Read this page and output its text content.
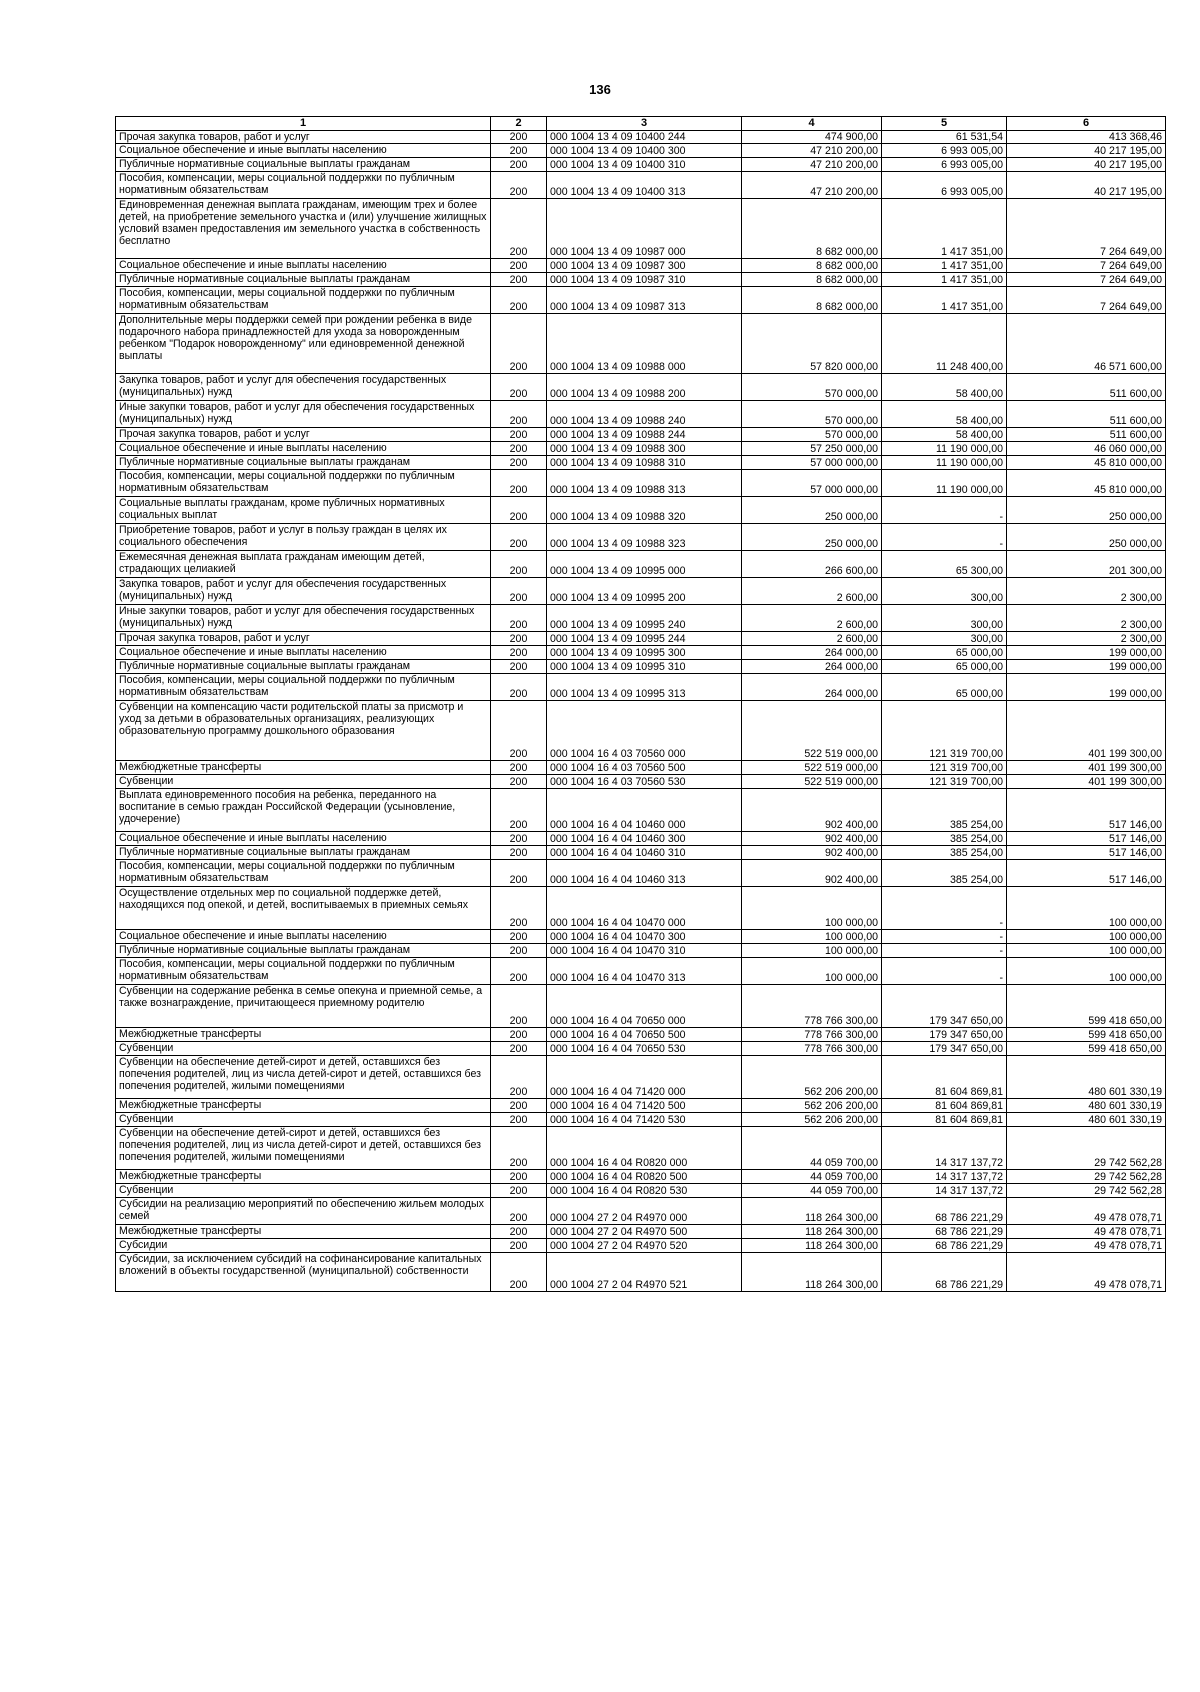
136
1	2	3	4	5	6
Прочая закупка товаров, работ и услуг	200	000 1004 13 4 09 10400 244	474 900,00	61 531,54	413 368,46
Социальное обеспечение и иные выплаты населению	200	000 1004 13 4 09 10400 300	47 210 200,00	6 993 005,00	40 217 195,00
Публичные нормативные социальные выплаты гражданам	200	000 1004 13 4 09 10400 310	47 210 200,00	6 993 005,00	40 217 195,00
Пособия, компенсации, меры социальной поддержки по публичным нормативным обязательствам	200	000 1004 13 4 09 10400 313	47 210 200,00	6 993 005,00	40 217 195,00
Единовременная денежная выплата гражданам, имеющим трех и более детей, на приобретение земельного участка и (или) улучшение жилищных условий взамен предоставления им земельного участка в собственность бесплатно	200	000 1004 13 4 09 10987 000	8 682 000,00	1 417 351,00	7 264 649,00
Социальное обеспечение и иные выплаты населению	200	000 1004 13 4 09 10987 300	8 682 000,00	1 417 351,00	7 264 649,00
Публичные нормативные социальные выплаты гражданам	200	000 1004 13 4 09 10987 310	8 682 000,00	1 417 351,00	7 264 649,00
Пособия, компенсации, меры социальной поддержки по публичным нормативным обязательствам	200	000 1004 13 4 09 10987 313	8 682 000,00	1 417 351,00	7 264 649,00
Дополнительные меры поддержки семей при рождении ребенка в виде подарочного набора принадлежностей для ухода за новорожденным ребенком "Подарок новорожденному" или единовременной денежной выплаты	200	000 1004 13 4 09 10988 000	57 820 000,00	11 248 400,00	46 571 600,00
Закупка товаров, работ и услуг для обеспечения государственных (муниципальных) нужд	200	000 1004 13 4 09 10988 200	570 000,00	58 400,00	511 600,00
Иные закупки товаров, работ и услуг для обеспечения государственных (муниципальных) нужд	200	000 1004 13 4 09 10988 240	570 000,00	58 400,00	511 600,00
Прочая закупка товаров, работ и услуг	200	000 1004 13 4 09 10988 244	570 000,00	58 400,00	511 600,00
Социальное обеспечение и иные выплаты населению	200	000 1004 13 4 09 10988 300	57 250 000,00	11 190 000,00	46 060 000,00
Публичные нормативные социальные выплаты гражданам	200	000 1004 13 4 09 10988 310	57 000 000,00	11 190 000,00	45 810 000,00
Пособия, компенсации, меры социальной поддержки по публичным нормативным обязательствам	200	000 1004 13 4 09 10988 313	57 000 000,00	11 190 000,00	45 810 000,00
Социальные выплаты гражданам, кроме публичных нормативных социальных выплат	200	000 1004 13 4 09 10988 320	250 000,00	-	250 000,00
Приобретение товаров, работ и услуг в пользу граждан в целях их социального обеспечения	200	000 1004 13 4 09 10988 323	250 000,00	-	250 000,00
Ежемесячная денежная выплата гражданам имеющим детей, страдающих целиакией	200	000 1004 13 4 09 10995 000	266 600,00	65 300,00	201 300,00
Закупка товаров, работ и услуг для обеспечения государственных (муниципальных) нужд	200	000 1004 13 4 09 10995 200	2 600,00	300,00	2 300,00
Иные закупки товаров, работ и услуг для обеспечения государственных (муниципальных) нужд	200	000 1004 13 4 09 10995 240	2 600,00	300,00	2 300,00
Прочая закупка товаров, работ и услуг	200	000 1004 13 4 09 10995 244	2 600,00	300,00	2 300,00
Социальное обеспечение и иные выплаты населению	200	000 1004 13 4 09 10995 300	264 000,00	65 000,00	199 000,00
Публичные нормативные социальные выплаты гражданам	200	000 1004 13 4 09 10995 310	264 000,00	65 000,00	199 000,00
Пособия, компенсации, меры социальной поддержки по публичным нормативным обязательствам	200	000 1004 13 4 09 10995 313	264 000,00	65 000,00	199 000,00
Субвенции на компенсацию части родительской платы за присмотр и уход за детьми в образовательных организациях, реализующих образовательную программу дошкольного образования	200	000 1004 16 4 03 70560 000	522 519 000,00	121 319 700,00	401 199 300,00
Межбюджетные трансферты	200	000 1004 16 4 03 70560 500	522 519 000,00	121 319 700,00	401 199 300,00
Субвенции	200	000 1004 16 4 03 70560 530	522 519 000,00	121 319 700,00	401 199 300,00
Выплата единовременного пособия на ребенка, переданного на воспитание в семью граждан Российской Федерации (усыновление, удочерение)	200	000 1004 16 4 04 10460 000	902 400,00	385 254,00	517 146,00
Социальное обеспечение и иные выплаты населению	200	000 1004 16 4 04 10460 300	902 400,00	385 254,00	517 146,00
Публичные нормативные социальные выплаты гражданам	200	000 1004 16 4 04 10460 310	902 400,00	385 254,00	517 146,00
Пособия, компенсации, меры социальной поддержки по публичным нормативным обязательствам	200	000 1004 16 4 04 10460 313	902 400,00	385 254,00	517 146,00
Осуществление отдельных мер по социальной поддержке детей, находящихся под опекой, и детей, воспитываемых в приемных семьях	200	000 1004 16 4 04 10470 000	100 000,00	-	100 000,00
Социальное обеспечение и иные выплаты населению	200	000 1004 16 4 04 10470 300	100 000,00	-	100 000,00
Публичные нормативные социальные выплаты гражданам	200	000 1004 16 4 04 10470 310	100 000,00	-	100 000,00
Пособия, компенсации, меры социальной поддержки по публичным нормативным обязательствам	200	000 1004 16 4 04 10470 313	100 000,00	-	100 000,00
Субвенции на содержание ребенка в семье опекуна и приемной семье, а также вознаграждение, причитающееся приемному родителю	200	000 1004 16 4 04 70650 000	778 766 300,00	179 347 650,00	599 418 650,00
Межбюджетные трансферты	200	000 1004 16 4 04 70650 500	778 766 300,00	179 347 650,00	599 418 650,00
Субвенции	200	000 1004 16 4 04 70650 530	778 766 300,00	179 347 650,00	599 418 650,00
Субвенции на обеспечение детей-сирот и детей, оставшихся без попечения родителей, лиц из числа детей-сирот и детей, оставшихся без попечения родителей, жилыми помещениями	200	000 1004 16 4 04 71420 000	562 206 200,00	81 604 869,81	480 601 330,19
Межбюджетные трансферты	200	000 1004 16 4 04 71420 500	562 206 200,00	81 604 869,81	480 601 330,19
Субвенции	200	000 1004 16 4 04 71420 530	562 206 200,00	81 604 869,81	480 601 330,19
Субвенции на обеспечение детей-сирот и детей, оставшихся без попечения родителей, лиц из числа детей-сирот и детей, оставшихся без попечения родителей, жилыми помещениями	200	000 1004 16 4 04 R0820 000	44 059 700,00	14 317 137,72	29 742 562,28
Межбюджетные трансферты	200	000 1004 16 4 04 R0820 500	44 059 700,00	14 317 137,72	29 742 562,28
Субвенции	200	000 1004 16 4 04 R0820 530	44 059 700,00	14 317 137,72	29 742 562,28
Субсидии на реализацию мероприятий по обеспечению жильем молодых семей	200	000 1004 27 2 04 R4970 000	118 264 300,00	68 786 221,29	49 478 078,71
Межбюджетные трансферты	200	000 1004 27 2 04 R4970 500	118 264 300,00	68 786 221,29	49 478 078,71
Субсидии	200	000 1004 27 2 04 R4970 520	118 264 300,00	68 786 221,29	49 478 078,71
Субсидии, за исключением субсидий на софинансирование капитальных вложений в объекты государственной (муниципальной) собственности	200	000 1004 27 2 04 R4970 521	118 264 300,00	68 786 221,29	49 478 078,71
